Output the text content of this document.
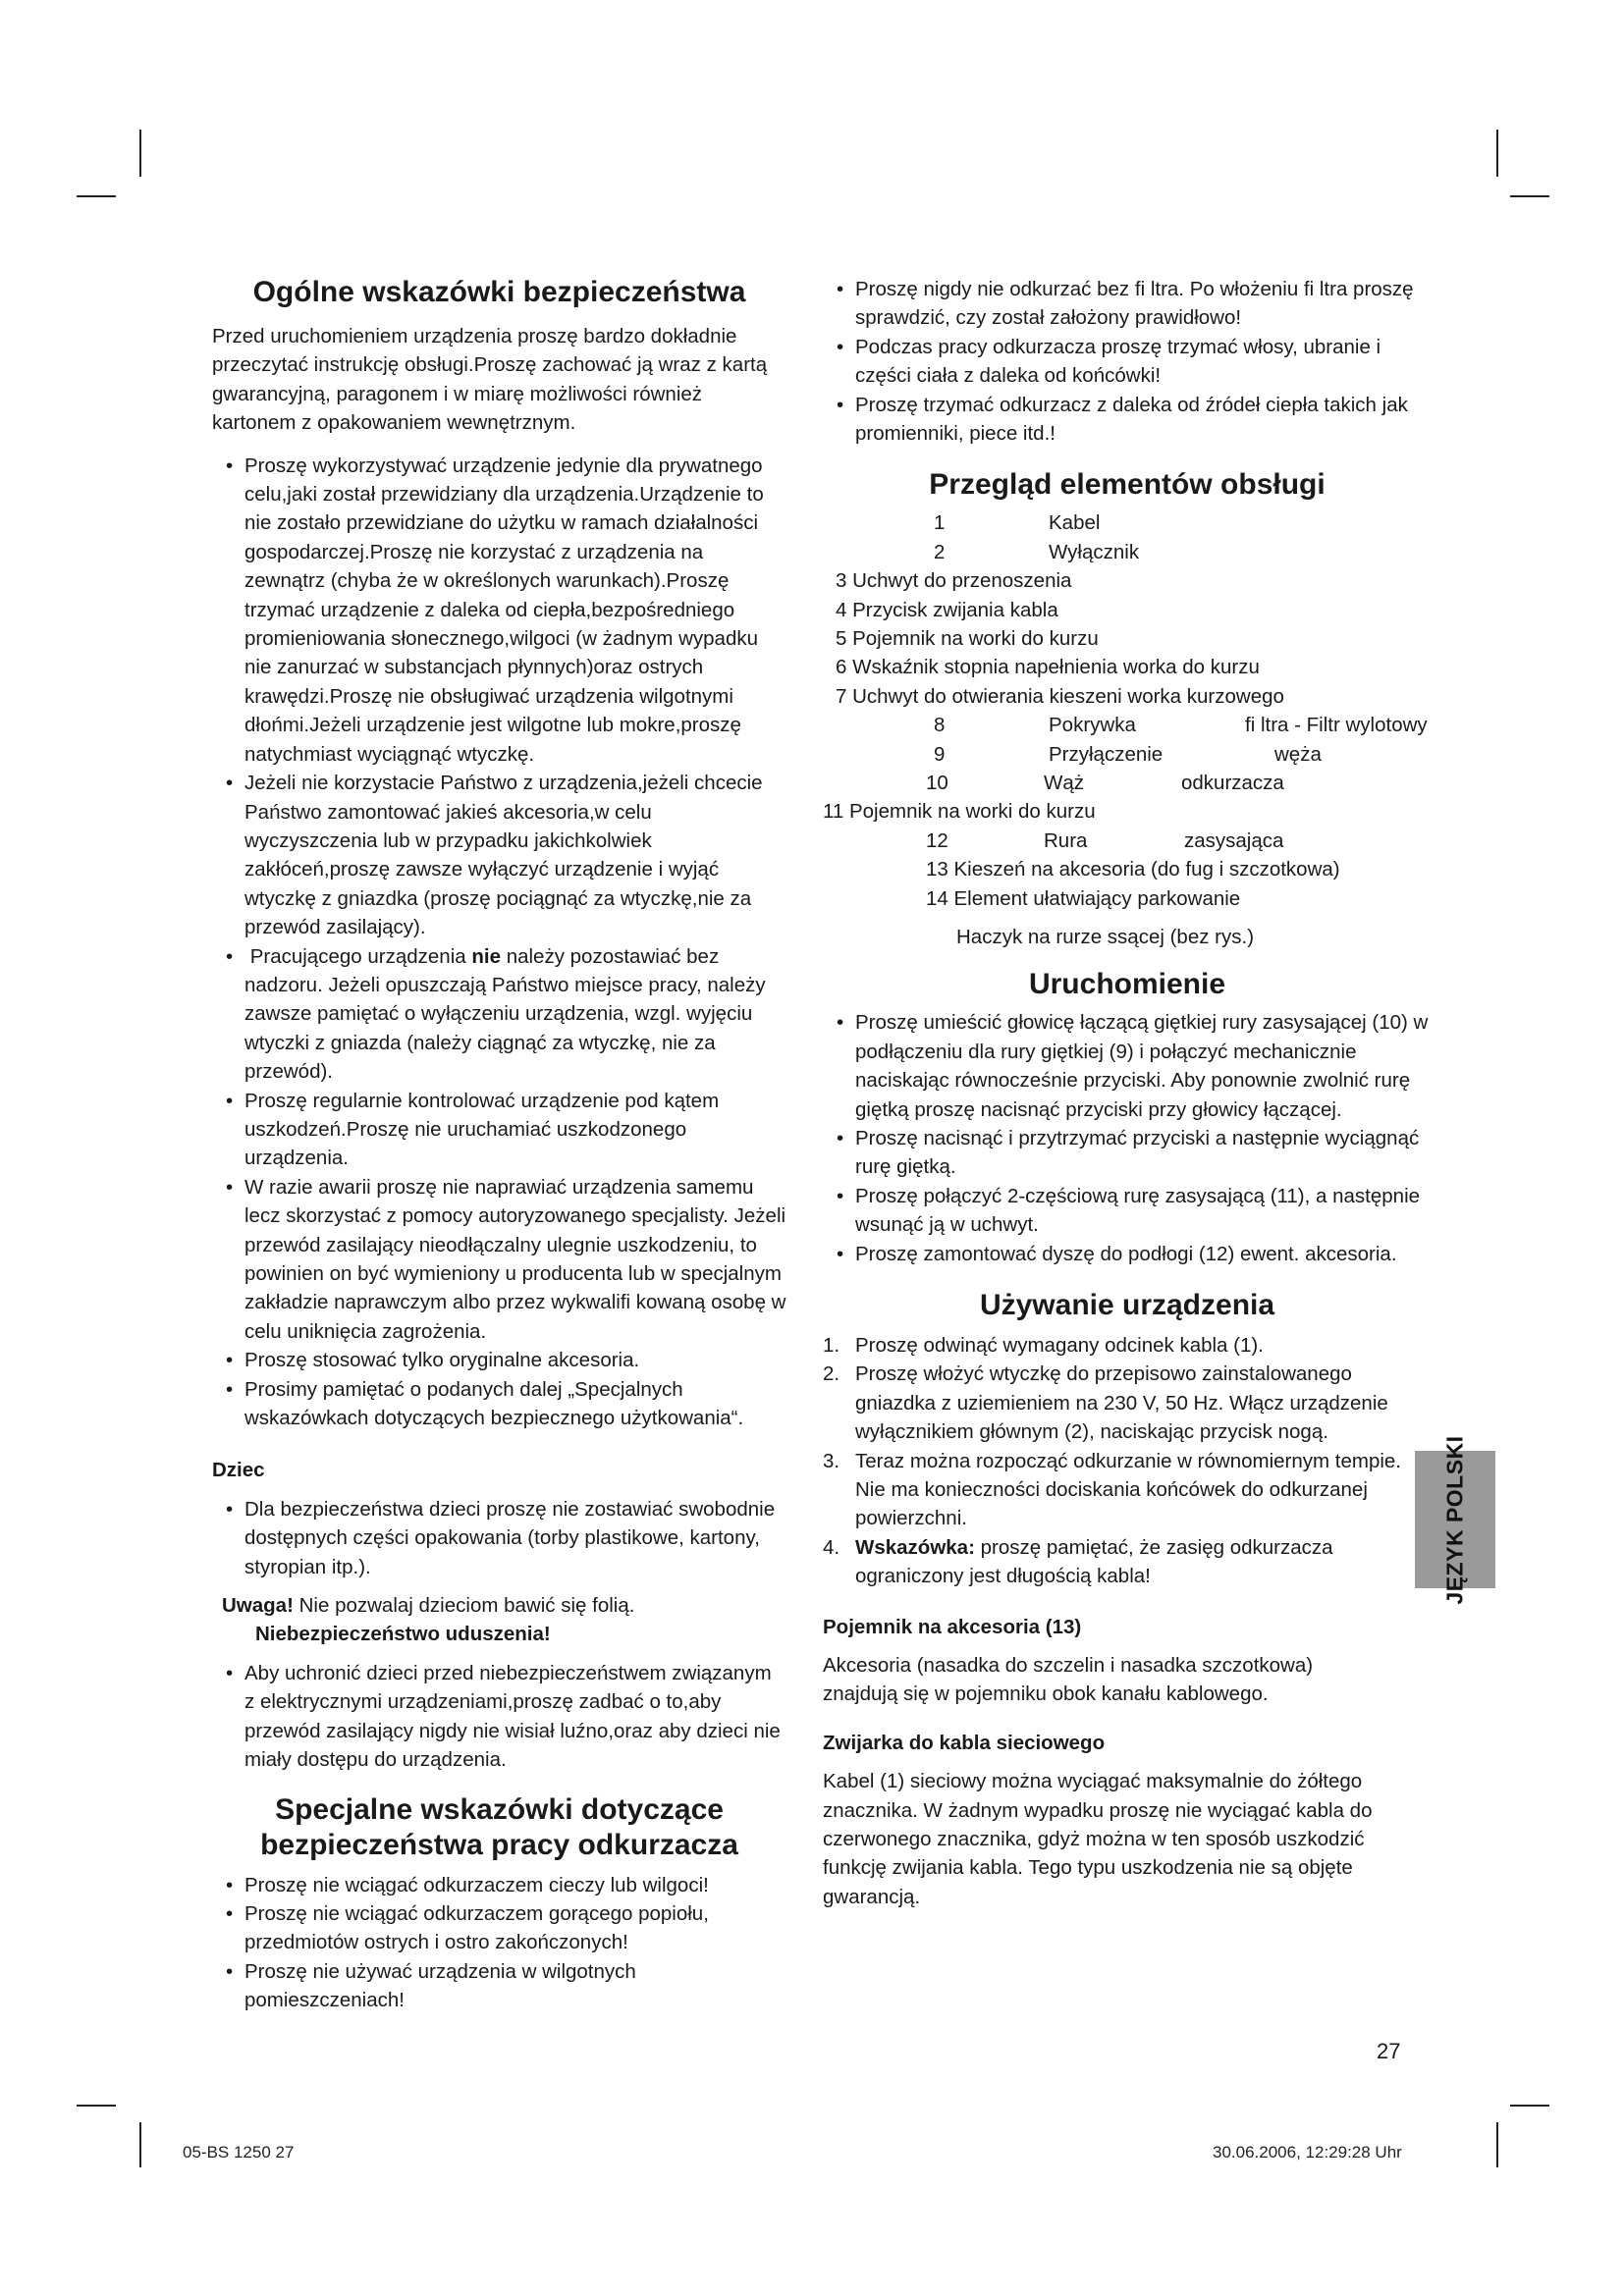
Ogólne wskazówki bezpieczeństwa

Przed uruchomieniem urządzenia proszę bardzo dokładnie przeczytać instrukcję obsługi.Proszę zachować ją wraz z kartą gwarancyjną, paragonem i w miarę możliwości również kartonem z opakowaniem wewnętrznym.

• Proszę wykorzystywać urządzenie jedynie dla prywatnego celu,jaki został przewidziany dla urządzenia.Urządzenie to nie zostało przewidziane do użytku w ramach działalności gospodarczej.Proszę nie korzystać z urządzenia na zewnątrz (chyba że w określonych warunkach).Proszę trzymać urządzenie z daleka od ciepła,bezpośredniego promieniowania słonecznego,wilgoci (w żadnym wypadku nie zanurzać w substancjach płynnych)oraz ostrych krawędzi.Proszę nie obsługiwać urządzenia wilgotnymi dłońmi.Jeżeli urządzenie jest wilgotne lub mokre,proszę natychmiast wyciągnąć wtyczkę.
• Jeżeli nie korzystacie Państwo z urządzenia,jeżeli chcecie Państwo zamontować jakieś akcesoria,w celu wyczyszczenia lub w przypadku jakichkolwiek zakłóceń,proszę zawsze wyłączyć urządzenie i wyjąć wtyczkę z gniazdka (proszę pociągnąć za wtyczkę,nie za przewód zasilający).
• Pracującego urządzenia nie należy pozostawiać bez nadzoru. Jeżeli opuszczają Państwo miejsce pracy, należy zawsze pamiętać o wyłączeniu urządzenia, wzgl. wyjęciu wtyczki z gniazda (należy ciągnąć za wtyczkę, nie za przewód).
• Proszę regularnie kontrolować urządzenie pod kątem uszkodzeń.Proszę nie uruchamiać uszkodzonego urządzenia.
• W razie awarii proszę nie naprawiać urządzenia samemu lecz skorzystać z pomocy autoryzowanego specjalisty. Jeżeli przewód zasilający nieodłączalny ulegnie uszkodzeniu, to powinien on być wymieniony u producenta lub w specjalnym zakładzie naprawczym albo przez wykwalifi kowaną osobę w celu uniknięcia zagrożenia.
• Proszę stosować tylko oryginalne akcesoria.
• Prosimy pamiętać o podanych dalej „Specjalnych wskazówkach dotyczących bezpiecznego użytkowania“.

Dziec

• Dla bezpieczeństwa dzieci proszę nie zostawiać swobodnie dostępnych części opakowania (torby plastikowe, kartony, styropian itp.).

Uwaga! Nie pozwalaj dzieciom bawić się folią.

Niebezpieczeństwo uduszenia!

• Aby uchronić dzieci przed niebezpieczeństwem związanym z elektrycznymi urządzeniami,proszę zadbać o to,aby przewód zasilający nigdy nie wisiał luźno,oraz aby dzieci nie miały dostępu do urządzenia.

Specjalne wskazówki dotyczące

bezpieczeństwa pracy odkurzacza

• Proszę nie wciągać odkurzaczem cieczy lub wilgoci!
• Proszę nie wciągać odkurzaczem gorącego popiołu, przedmiotów ostrych i ostro zakończonych!
• Proszę nie używać urządzenia w wilgotnych pomieszczeniach!
• Proszę nigdy nie odkurzać bez fi ltra. Po włożeniu fi ltra proszę sprawdzić, czy został założony prawidłowo!
• Podczas pracy odkurzacza proszę trzymać włosy, ubranie i części ciała z daleka od końcówki!
• Proszę trzymać odkurzacz z daleka od źródeł ciepła takich jak promienniki, piece itd.!

Przegląd elementów obsługi

1	Kabel
2	Wyłącznik
3 Uchwyt do przenoszenia
4 Przycisk zwijania kabla
5 Pojemnik na worki do kurzu
6 Wskaźnik stopnia napełnienia worka do kurzu
7 Uchwyt do otwierania kieszeni worka kurzowego
8	Pokrywka	fi ltra - Filtr wylotowy
9	Przyłączenie	węża
10	Wąż	odkurzacza
11 Pojemnik na worki do kurzu
12	Rura	zasysająca
13 Kieszeń na akcesoria (do fug i szczotkowa)
14 Element ułatwiający parkowanie

Haczyk na rurze ssącej (bez rys.)

Uruchomienie

• Proszę umieścić głowicę łączącą giętkiej rury zasysającej (10) w podłączeniu dla rury giętkiej (9) i połączyć mechanicznie naciskając równocześnie przyciski. Aby ponownie zwolnić rurę giętką proszę nacisnąć przyciski przy głowicy łączącej.
• Proszę nacisnąć i przytrzymać przyciski a następnie wyciągnąć rurę giętką.
• Proszę połączyć 2-częściową rurę zasysającą (11), a następnie wsunąć ją w uchwyt.
• Proszę zamontować dyszę do podłogi (12) ewent. akcesoria.

Używanie urządzenia

1. Proszę odwinąć wymagany odcinek kabla (1).
2. Proszę włożyć wtyczkę do przepisowo zainstalowanego gniazdka z uziemieniem na 230 V, 50 Hz. Włącz urządzenie wyłącznikiem głównym (2), naciskając przycisk nogą.
3. Teraz można rozpocząć odkurzanie w równomiernym tempie. Nie ma konieczności dociskania końcówek do odkurzanej powierzchni.
4. Wskazówka: proszę pamiętać, że zasięg odkurzacza ograniczony jest długością kabla!

Pojemnik na akcesoria (13)

Akcesoria (nasadka do szczelin i nasadka szczotkowa) znajdują się w pojemniku obok kanału kablowego.

Zwijarka do kabla sieciowego

Kabel (1) sieciowy można wyciągać maksymalnie do żółtego znacznika. W żadnym wypadku proszę nie wyciągać kabla do czerwonego znacznika, gdyż można w ten sposób uszkodzić funkcję zwijania kabla. Tego typu uszkodzenia nie są objęte gwarancją.

JĘZYK POLSKI
27
05-BS 1250 27	30.06.2006, 12:29:28 Uhr
